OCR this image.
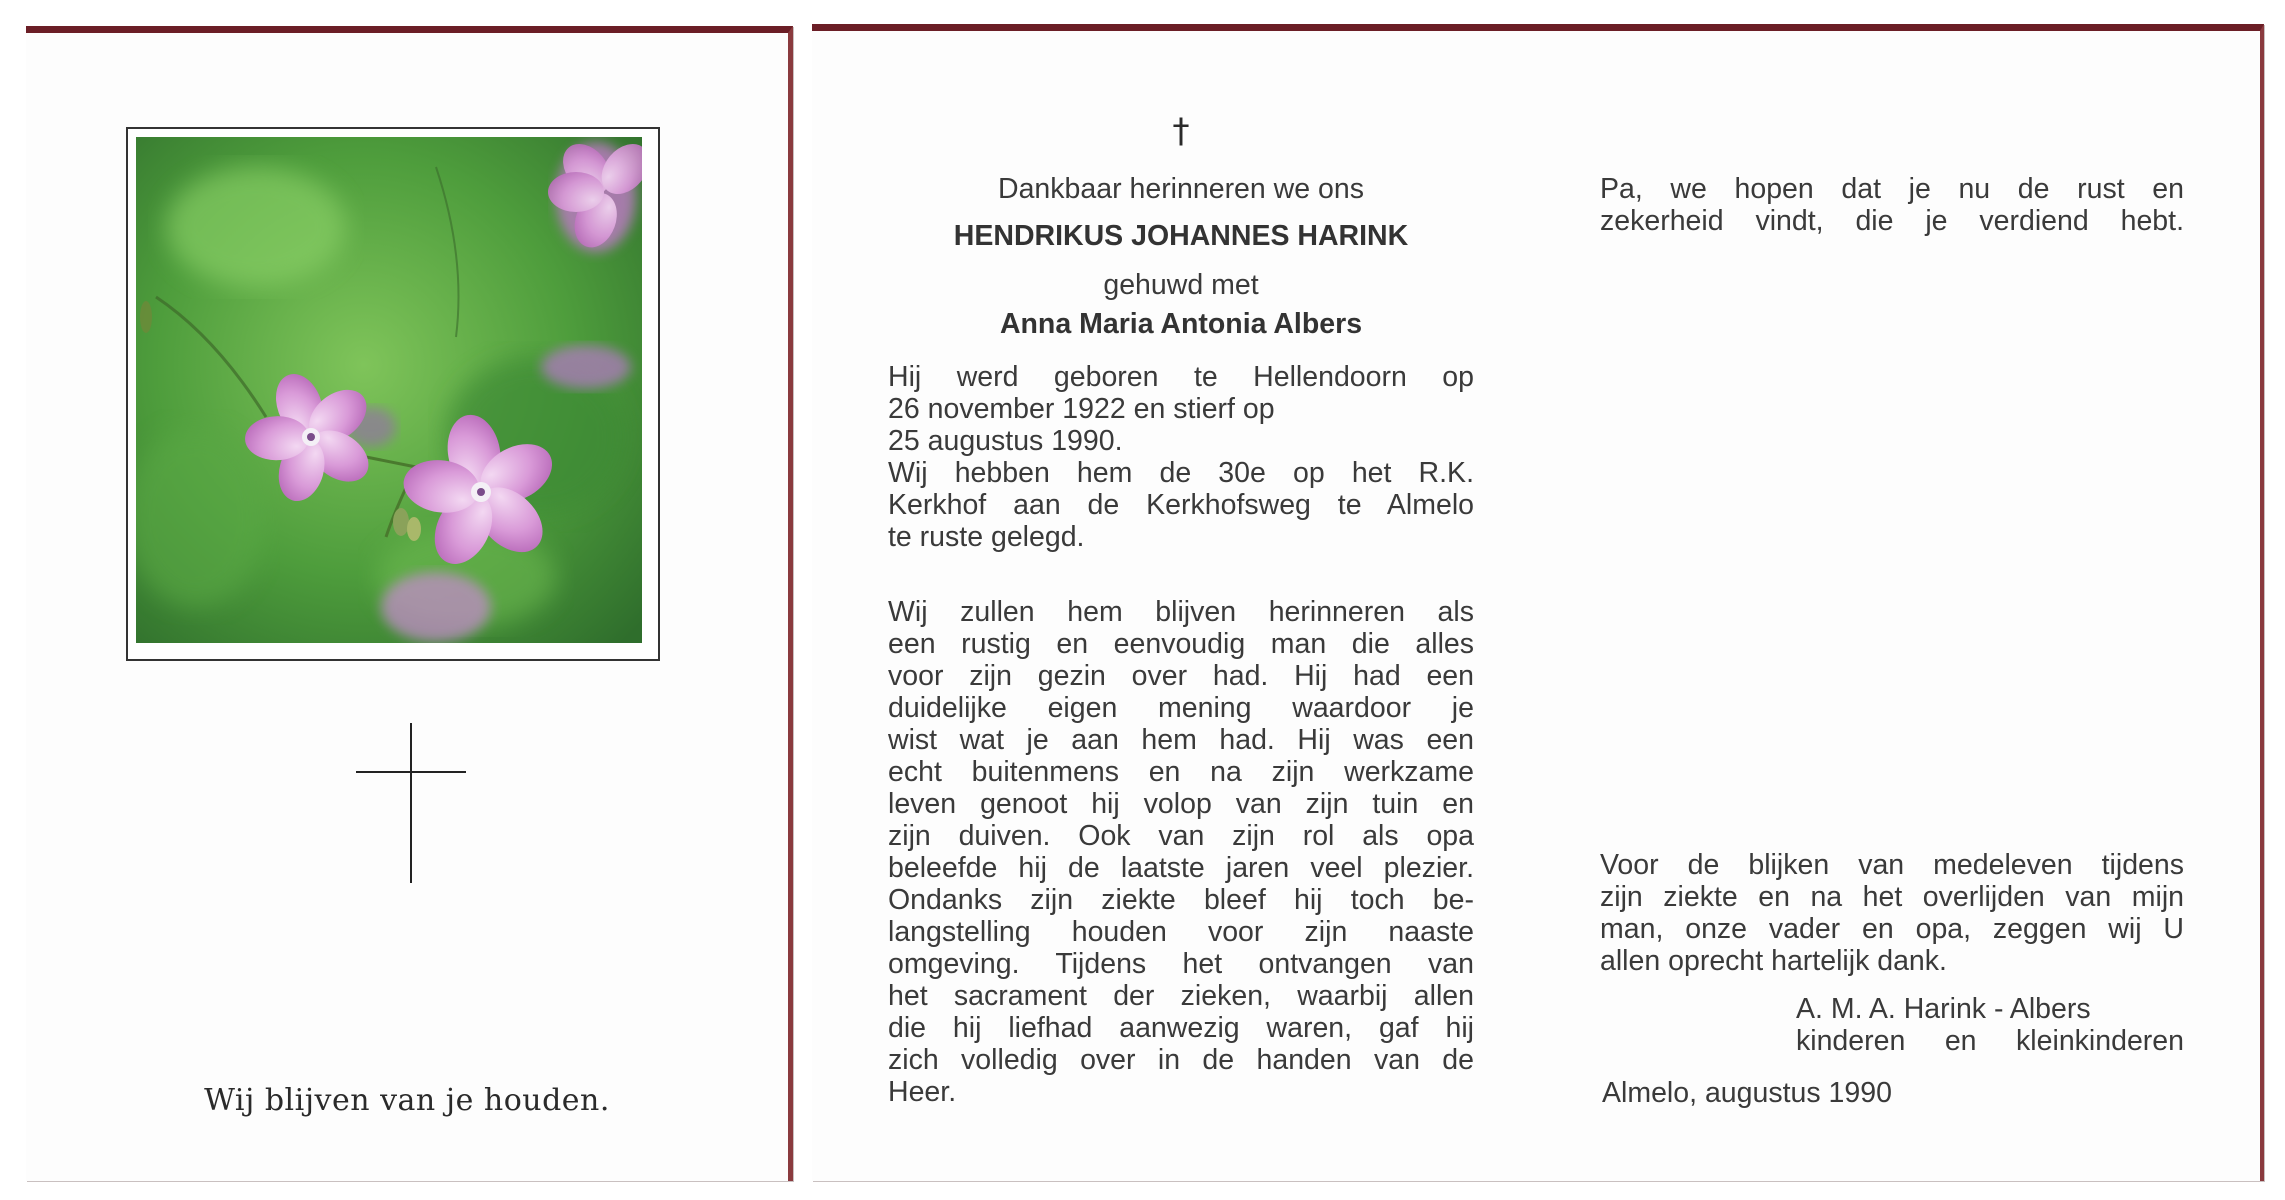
Wij blijven van je houden.
†
Dankbaar herinneren we ons
HENDRIKUS JOHANNES HARINK
gehuwd met
Anna Maria Antonia Albers
Hij werd geboren te Hellendoorn op
26 november 1922 en stierf op
25 augustus 1990.
Wij hebben hem de 30e op het R.K.
Kerkhof aan de Kerkhofsweg te Almelo
te ruste gelegd.
Wij zullen hem blijven herinneren als
een rustig en eenvoudig man die alles
voor zijn gezin over had. Hij had een
duidelijke eigen mening waardoor je
wist wat je aan hem had. Hij was een
echt buitenmens en na zijn werkzame
leven genoot hij volop van zijn tuin en
zijn duiven. Ook van zijn rol als opa
beleefde hij de laatste jaren veel plezier.
Ondanks zijn ziekte bleef hij toch be-
langstelling houden voor zijn naaste
omgeving. Tijdens het ontvangen van
het sacrament der zieken, waarbij allen
die hij liefhad aanwezig waren, gaf hij
zich volledig over in de handen van de
Heer.
Pa, we hopen dat je nu de rust en
zekerheid vindt, die je verdiend hebt.
Voor de blijken van medeleven tijdens
zijn ziekte en na het overlijden van mijn
man, onze vader en opa, zeggen wij U
allen oprecht hartelijk dank.
A. M. A. Harink - Albers
kinderen en kleinkinderen
Almelo, augustus 1990
